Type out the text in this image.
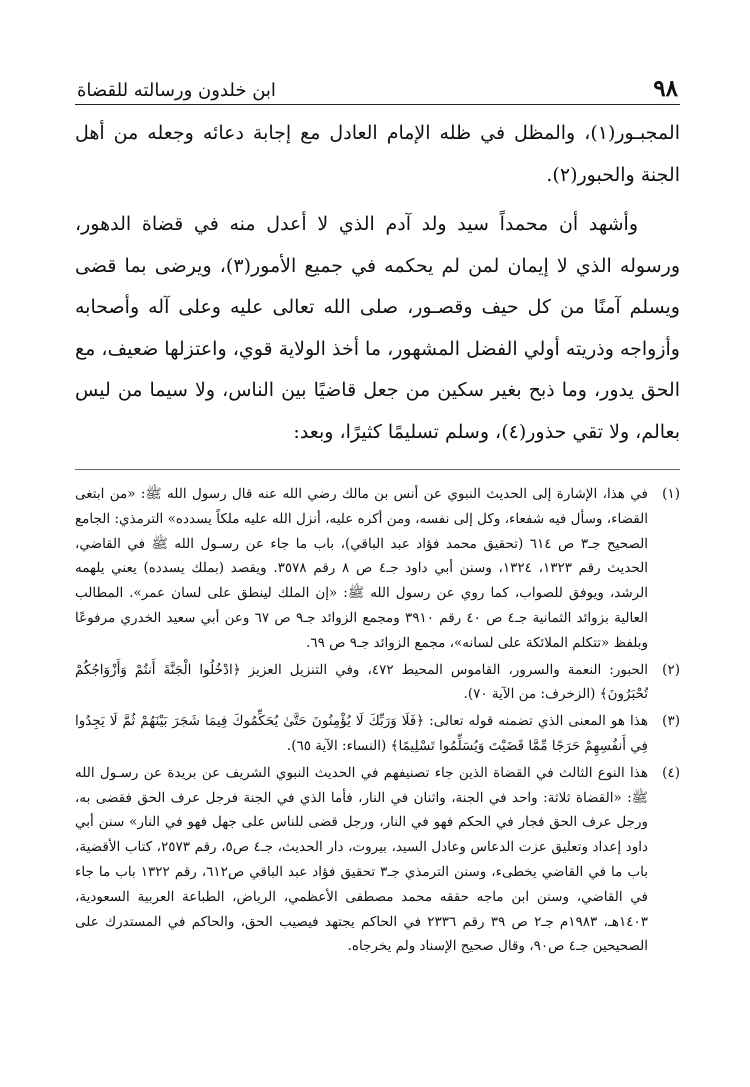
٩٨
ابن خلدون ورسالته للقضاة

المجبـور(١)، والمظل في ظله الإمام العادل مع إجابة دعائه وجعله من أهل الجنة والحبور(٢).

وأشهد أن محمداً سيد ولد آدم الذي لا أعدل منه في قضاة الدهور، ورسوله الذي لا إيمان لمن لم يحكمه في جميع الأمور(٣)، ويرضى بما قضى ويسلم آمنًا من كل حيف وقصـور، صلى الله تعالى عليه وعلى آله وأصحابه وأزواجه وذريته أولي الفضل المشهور، ما أخذ الولاية قوي، واعتزلها ضعيف، مع الحق يدور، وما ذبح بغير سكين من جعل قاضيًا بين الناس، ولا سيما من ليس بعالم، ولا تقي حذور(٤)، وسلم تسليمًا كثيرًا، وبعد:

(١)
في هذا، الإشارة إلى الحديث النبوي عن أنس بن مالك رضي الله عنه قال رسول الله ﷺ: «من ابتغى القضاء، وسأل فيه شفعاء، وكل إلى نفسه، ومن أكره عليه، أنزل الله عليه ملكاً يسدده» الترمذي: الجامع الصحيح جـ٣ ص ٦١٤ (تحقيق محمد فؤاد عبد الباقي)، باب ما جاء عن رسـول الله ﷺ في القاضي، الحديث رقم ١٣٢٣، ١٣٢٤، وسنن أبي داود جـ٤ ص ٨ رقم ٣٥٧٨. ويقصد (بملك يسدده) يعني يلهمه الرشد، ويوفق للصواب، كما روي عن رسول الله ﷺ: «إن الملك لينطق على لسان عمر». المطالب العالية بزوائد الثمانية جـ٤ ص ٤٠ رقم ٣٩١٠ ومجمع الزوائد جـ٩ ص ٦٧ وعن أبي سعيد الخدري مرفوعًا وبلفظ «تتكلم الملائكة على لسانه»، مجمع الزوائد جـ٩ ص ٦٩.
(٢)
الحبور: النعمة والسرور، القاموس المحيط ٤٧٢، وفي التنزيل العزيز ﴿ادْخُلُوا الْجَنَّةَ أَنتُمْ وَأَزْوَاجُكُمْ تُحْبَرُونَ﴾ (الزخرف: من الآية ٧٠).
(٣)
هذا هو المعنى الذي تضمنه قوله تعالى: ﴿فَلَا وَرَبِّكَ لَا يُؤْمِنُونَ حَتَّىٰ يُحَكِّمُوكَ فِيمَا شَجَرَ بَيْنَهُمْ ثُمَّ لَا يَجِدُوا فِي أَنفُسِهِمْ حَرَجًا مِّمَّا قَضَيْتَ وَيُسَلِّمُوا تَسْلِيمًا﴾ (النساء: الآية ٦٥).
(٤)
هذا النوع الثالث في القضاة الذين جاء تصنيفهم في الحديث النبوي الشريف عن بريدة عن رسـول الله ﷺ: «القضاة ثلاثة: واحد في الجنة، واثنان في النار، فأما الذي في الجنة فرجل عرف الحق فقضى به، ورجل عرف الحق فجار في الحكم فهو في النار، ورجل قضى للناس على جهل فهو في النار» سنن أبي داود إعداد وتعليق عزت الدعاس وعادل السيد، بيروت، دار الحديث، جـ٤ ص٥، رقم ٢٥٧٣، كتاب الأقضية، باب ما في القاضي يخطىء، وسنن الترمذي جـ٣ تحقيق فؤاد عبد الباقي ص٦١٢، رقم ١٣٢٢ باب ما جاء في القاضي، وسنن ابن ماجه حققه محمد مصطفى الأعظمي، الرياض، الطباعة العربية السعودية، ١٤٠٣هـ، ١٩٨٣م جـ٢ ص ٣٩ رقم ٢٣٣٦ في الحاكم يجتهد فيصيب الحق، والحاكم في المستدرك على الصحيحين جـ٤ ص٩٠، وقال صحيح الإسناد ولم يخرجاه.
